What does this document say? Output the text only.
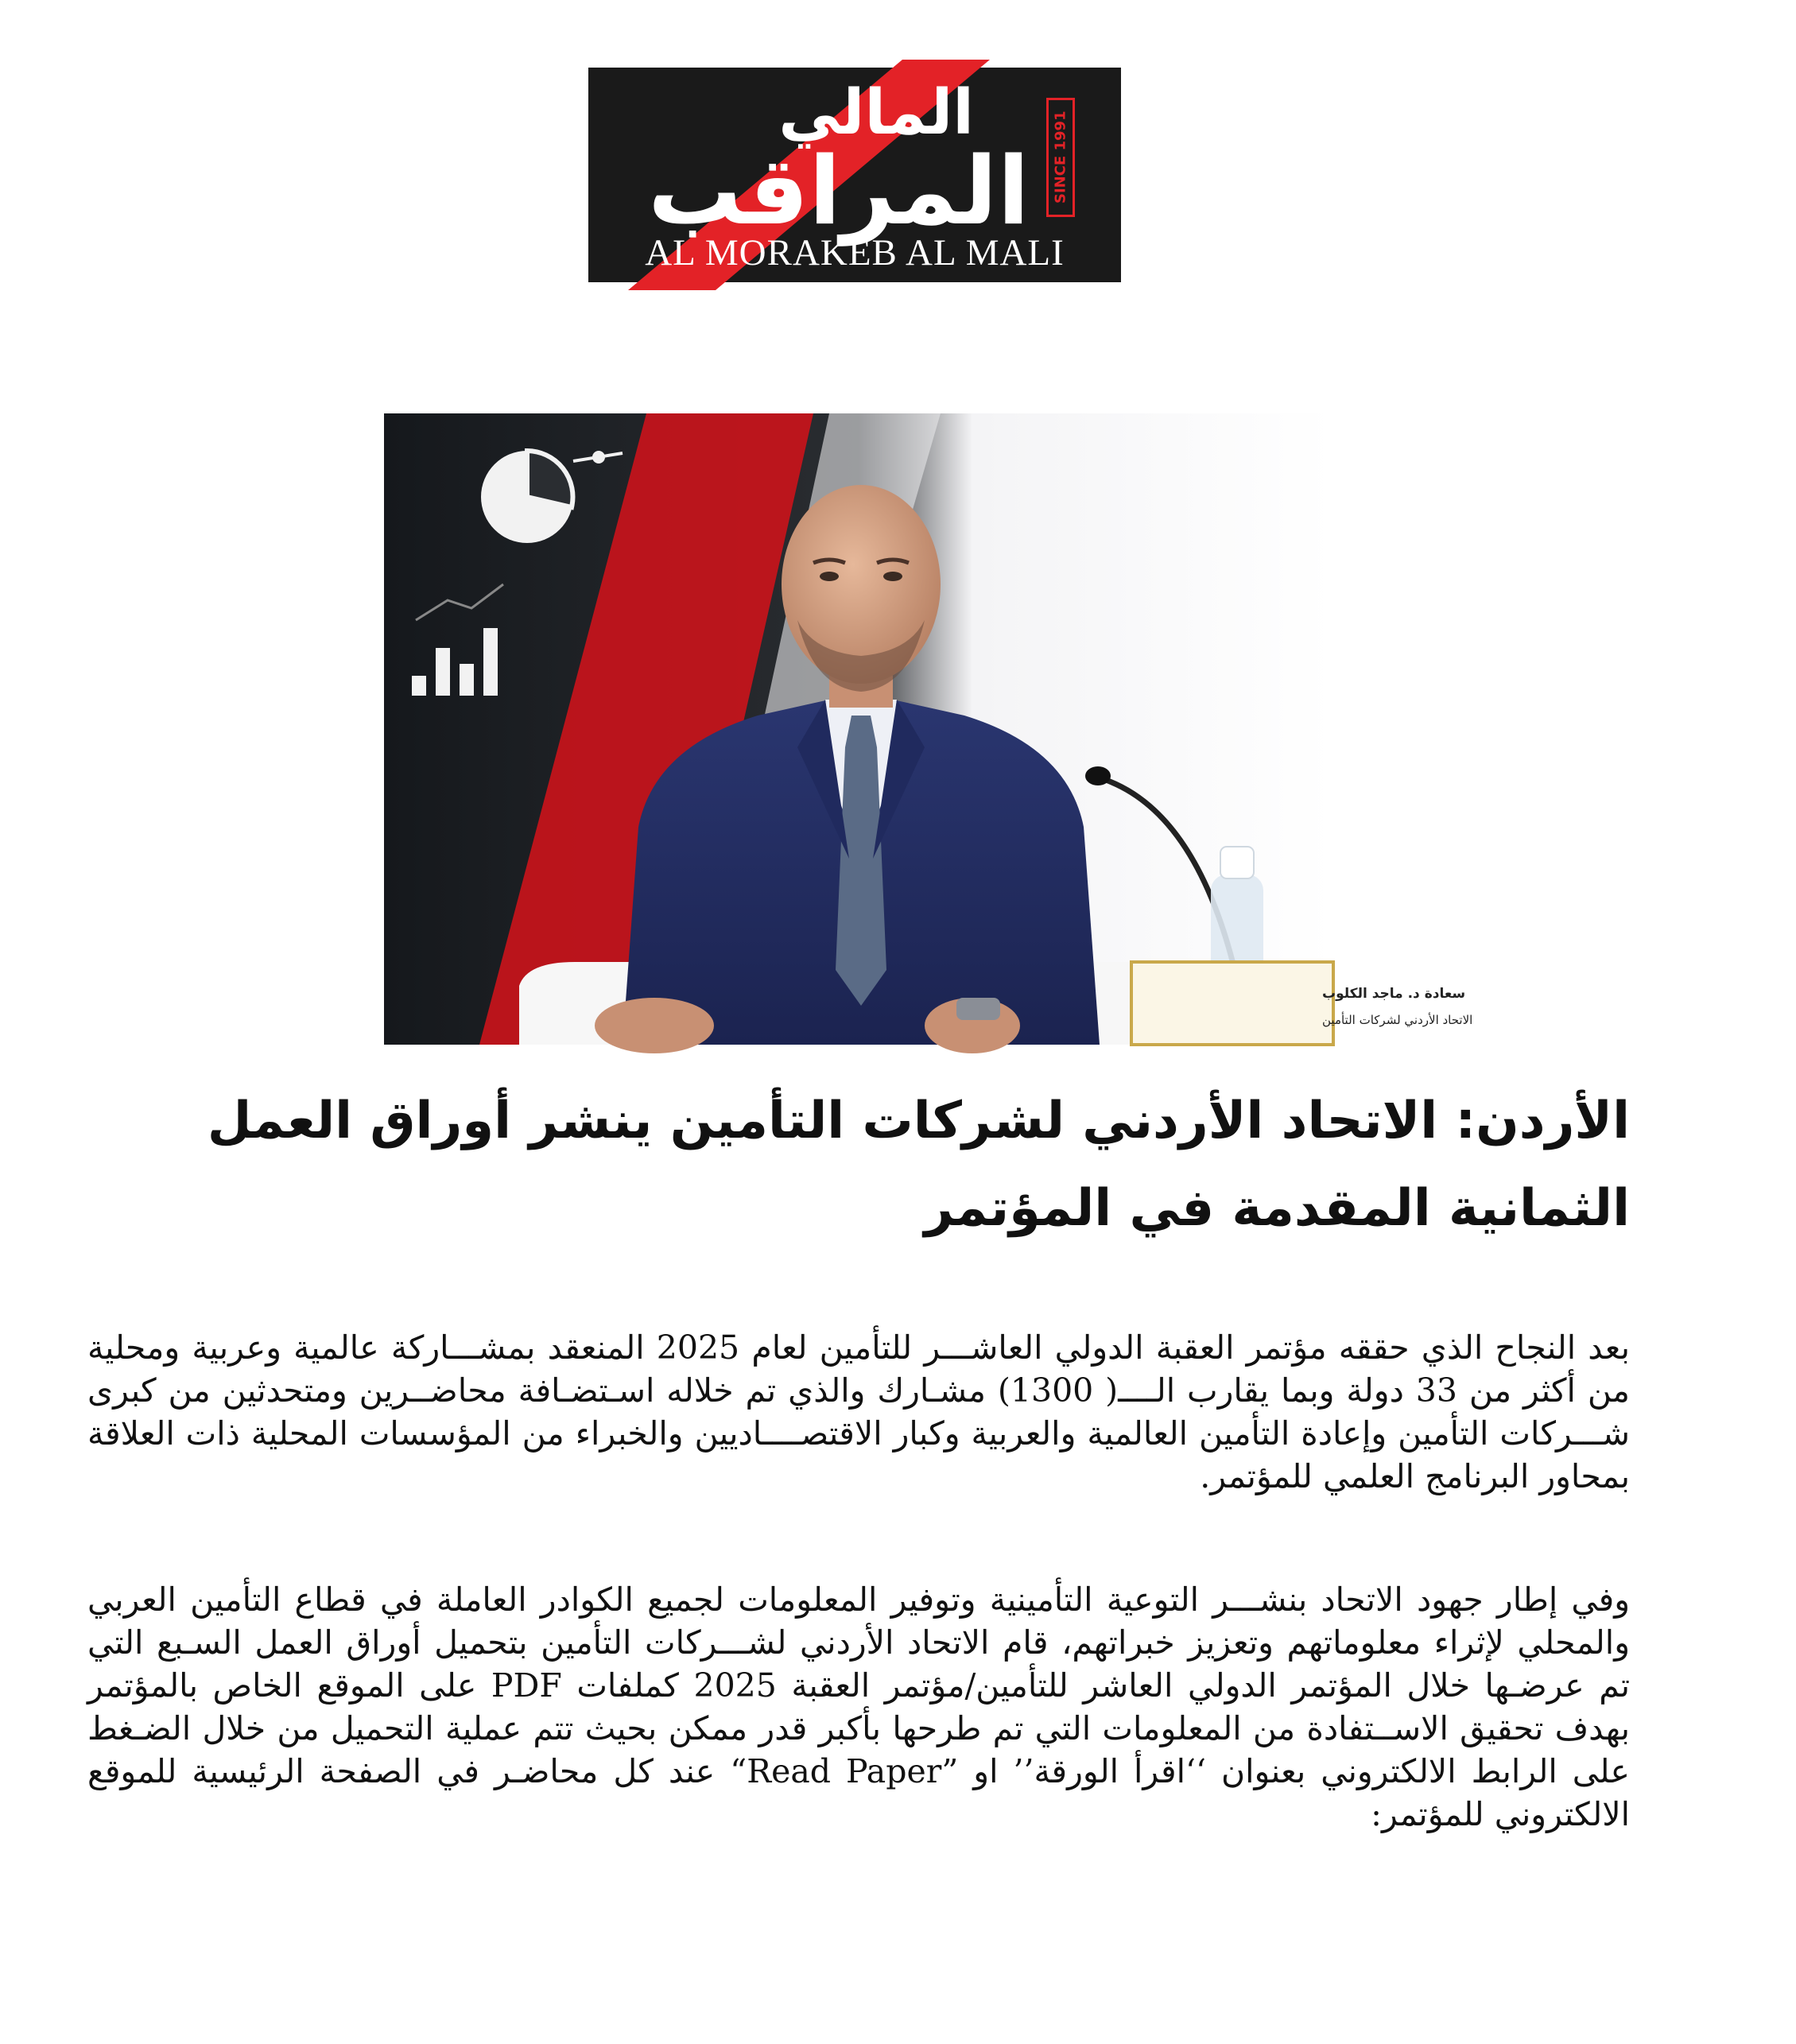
المالي
المراقب	SINCE 1991
AL MORAKEB AL MALI
سعادة د. ماجد الكلوب
الاتحاد الأردني لشركات التأمين
الأردن: الاتحاد الأردني لشركات التأمين ينشر أوراق العمل الثمانية المقدمة في المؤتمر

بعد النجاح الذي حققه مؤتمر العقبة الدولي العاشـــر للتأمين لعام 2025 المنعقد بمشـــاركة عالمية وعربية ومحلية من أكثر من 33 دولة وبما يقارب الــــ( 1300) مشـارك والذي تم خلاله اسـتضـافة محاضــرين ومتحدثين من كبرى شـــركات التأمين وإعادة التأمين العالمية والعربية وكبار الاقتصــــاديين والخبراء من المؤسسات المحلية ذات العلاقة بمحاور البرنامج العلمي للمؤتمر.

وفي إطار جهود الاتحاد بنشـــر التوعية التأمينية وتوفير المعلومات لجميع الكوادر العاملة في قطاع التأمين العربي والمحلي لإثراء معلوماتهم وتعزيز خبراتهم، قام الاتحاد الأردني لشـــركات التأمين بتحميل أوراق العمل السـبع التي تم عرضـها خلال المؤتمر الدولي العاشر للتأمين/مؤتمر العقبة 2025 كملفات PDF على الموقع الخاص بالمؤتمر بهدف تحقيق الاســتفادة من المعلومات التي تم طرحها بأكبر قدر ممكن بحيث تتم عملية التحميل من خلال الضـغط على الرابط الالكتروني بعنوان ‘‘اقرأ الورقة’’ او ”Read Paper“ عند كل محاضـر في الصفحة الرئيسية للموقع الالكتروني للمؤتمر:
